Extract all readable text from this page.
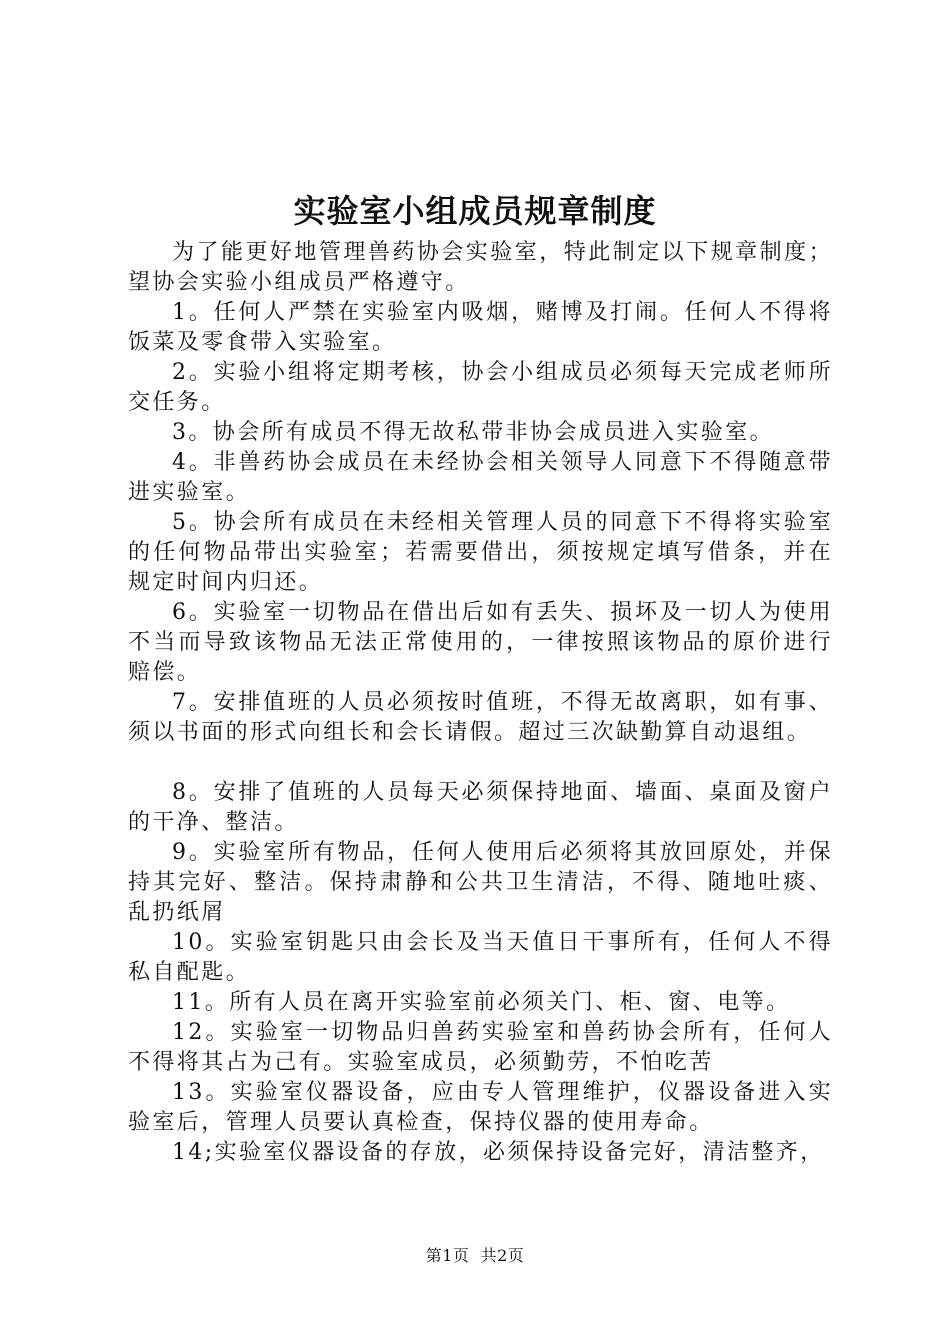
实验室小组成员规章制度

为了能更好地管理兽药协会实验室，特此制定以下规章制度；望协会实验小组成员严格遵守。

1。任何人严禁在实验室内吸烟，赌博及打闹。任何人不得将饭菜及零食带入实验室。

2。实验小组将定期考核，协会小组成员必须每天完成老师所交任务。

3。协会所有成员不得无故私带非协会成员进入实验室。

4。非兽药协会成员在未经协会相关领导人同意下不得随意带进实验室。

5。协会所有成员在未经相关管理人员的同意下不得将实验室的任何物品带出实验室；若需要借出，须按规定填写借条，并在规定时间内归还。

6。实验室一切物品在借出后如有丢失、损坏及一切人为使用不当而导致该物品无法正常使用的，一律按照该物品的原价进行赔偿。

7。安排值班的人员必须按时值班，不得无故离职，如有事、须以书面的形式向组长和会长请假。超过三次缺勤算自动退组。

8。安排了值班的人员每天必须保持地面、墙面、桌面及窗户的干净、整洁。

9。实验室所有物品，任何人使用后必须将其放回原处，并保持其完好、整洁。保持肃静和公共卫生清洁，不得、随地吐痰、乱扔纸屑

10。实验室钥匙只由会长及当天值日干事所有，任何人不得私自配匙。

11。所有人员在离开实验室前必须关门、柜、窗、电等。

12。实验室一切物品归兽药实验室和兽药协会所有，任何人不得将其占为己有。实验室成员，必须勤劳，不怕吃苦

13。实验室仪器设备，应由专人管理维护，仪器设备进入实验室后，管理人员要认真检查，保持仪器的使用寿命。

14;实验室仪器设备的存放，必须保持设备完好，清洁整齐，

第1页  共2页
